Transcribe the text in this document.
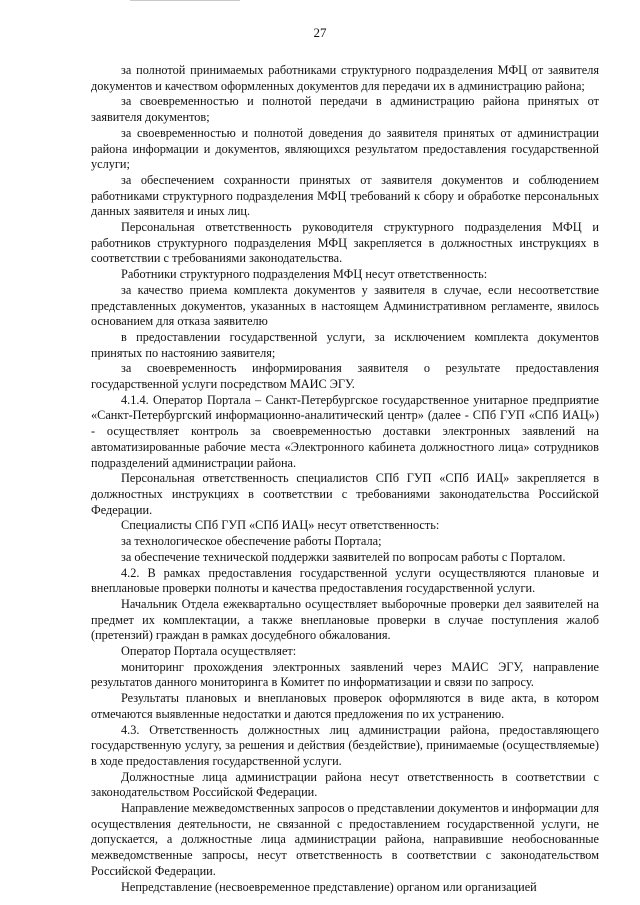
27

за полнотой принимаемых работниками структурного подразделения МФЦ от заявителя документов и качеством оформленных документов для передачи их в администрацию района;

за своевременностью и полнотой передачи в администрацию района принятых от заявителя документов;

за своевременностью и полнотой доведения до заявителя принятых от администрации района информации и документов, являющихся результатом предоставления государственной услуги;

за обеспечением сохранности принятых от заявителя документов и соблюдением работниками структурного подразделения МФЦ требований к сбору и обработке персональных данных заявителя и иных лиц.

Персональная ответственность руководителя структурного подразделения МФЦ и работников структурного подразделения МФЦ закрепляется в должностных инструкциях в соответствии с требованиями законодательства.

Работники структурного подразделения МФЦ несут ответственность:

за качество приема комплекта документов у заявителя в случае, если несоответствие представленных документов, указанных в настоящем Административном регламенте, явилось основанием для отказа заявителю

в предоставлении государственной услуги, за исключением комплекта документов принятых по настоянию заявителя;

за своевременность информирования заявителя о результате предоставления государственной услуги посредством МАИС ЭГУ.

4.1.4. Оператор Портала – Санкт-Петербургское государственное унитарное предприятие «Санкт-Петербургский информационно-аналитический центр» (далее - СПб ГУП «СПб ИАЦ») - осуществляет контроль за своевременностью доставки электронных заявлений на автоматизированные рабочие места «Электронного кабинета должностного лица» сотрудников подразделений администрации района.

Персональная ответственность специалистов СПб ГУП «СПб ИАЦ» закрепляется в должностных инструкциях в соответствии с требованиями законодательства Российской Федерации.

Специалисты СПб ГУП «СПб ИАЦ» несут ответственность:

за технологическое обеспечение работы Портала;

за обеспечение технической поддержки заявителей по вопросам работы с Порталом.

4.2. В рамках предоставления государственной услуги осуществляются плановые и внеплановые проверки полноты и качества предоставления государственной услуги.

Начальник Отдела ежеквартально осуществляет выборочные проверки дел заявителей на предмет их комплектации, а также внеплановые проверки в случае поступления жалоб (претензий) граждан в рамках досудебного обжалования.

Оператор Портала осуществляет:

мониторинг прохождения электронных заявлений через МАИС ЭГУ, направление результатов данного мониторинга в Комитет по информатизации и связи по запросу.

Результаты плановых и внеплановых проверок оформляются в виде акта, в котором отмечаются выявленные недостатки и даются предложения по их устранению.

4.3. Ответственность должностных лиц администрации района, предоставляющего государственную услугу, за решения и действия (бездействие), принимаемые (осуществляемые) в ходе предоставления государственной услуги.

Должностные лица администрации района несут ответственность в соответствии с законодательством Российской Федерации.

Направление межведомственных запросов о представлении документов и информации для осуществления деятельности, не связанной с предоставлением государственной услуги, не допускается, а должностные лица администрации района, направившие необоснованные межведомственные запросы, несут ответственность в соответствии с законодательством Российской Федерации.

Непредставление (несвоевременное представление) органом или организацией
